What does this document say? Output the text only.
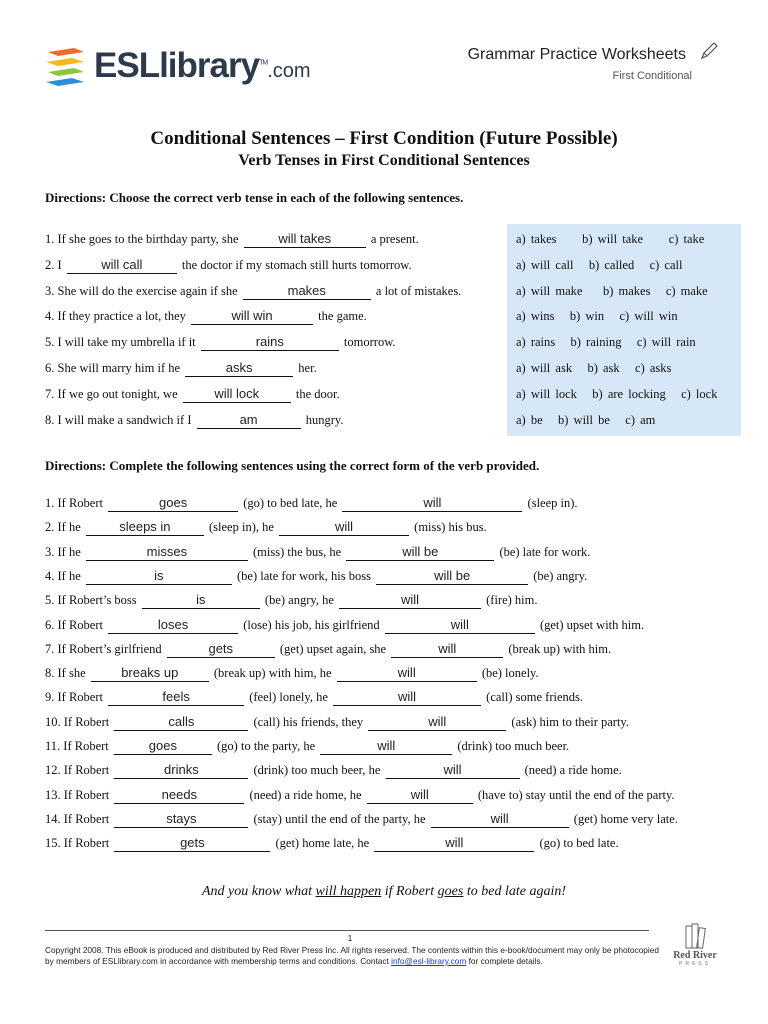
ESLlibrary™.com
Grammar Practice Worksheets
First Conditional
Conditional Sentences – First Condition (Future Possible)
Verb Tenses in First Conditional Sentences
Directions: Choose the correct verb tense in each of the following sentences.
1. If she goes to the birthday party, she	will takes	a present.	a) takes     b) will take     c) take
2. I	will call	the doctor if my stomach still hurts tomorrow.	a) will call   b) called   c) call
3. She will do the exercise again if she	makes	a lot of mistakes.	a) will make    b) makes   c) make
4. If they practice a lot, they	will win	the game.	a) wins   b) win   c) will win
5. I will take my umbrella if it	rains	tomorrow.	a) rains   b) raining   c) will rain
6. She will marry him if he	asks	her.	a) will ask   b) ask   c) asks
7. If we go out tonight, we	will lock	the door.	a) will lock   b) are locking   c) lock
8. I will make a sandwich if I	am	hungry.	a) be   b) will be   c) am
Directions: Complete the following sentences using the correct form of the verb provided.
1. If Robert	goes	(go) to bed late, he	will	(sleep in).
2. If he	sleeps in	(sleep in), he	will	(miss) his bus.
3. If he	misses	(miss) the bus, he	will be	(be) late for work.
4. If he	is	(be) late for work, his boss	will be	(be) angry.
5. If Robert’s boss	is	(be) angry, he	will	(fire) him.
6. If Robert	loses	(lose) his job, his girlfriend	will	(get) upset with him.
7. If Robert’s girlfriend	gets	(get) upset again, she	will	(break up) with him.
8. If she	breaks up	(break up) with him, he	will	(be) lonely.
9. If Robert	feels	(feel) lonely, he	will	(call) some friends.
10. If Robert	calls	(call) his friends, they	will	(ask) him to their party.
11. If Robert	goes	(go) to the party, he	will	(drink) too much beer.
12. If Robert	drinks	(drink) too much beer, he	will	(need) a ride home.
13. If Robert	needs	(need) a ride home, he	will	(have to) stay until the end of the party.
14. If Robert	stays	(stay) until the end of the party, he	will	(get) home very late.
15. If Robert	gets	(get) home late, he	will	(go) to bed late.
And you know what will happen if Robert goes to bed late again!
1
Copyright 2008. This eBook is produced and distributed by Red River Press Inc. All rights reserved. The contents within this e-book/document may only be photocopied by members of ESLlibrary.com in accordance with membership terms and conditions. Contact info@esl-library.com for complete details.	Red River
PRESS
